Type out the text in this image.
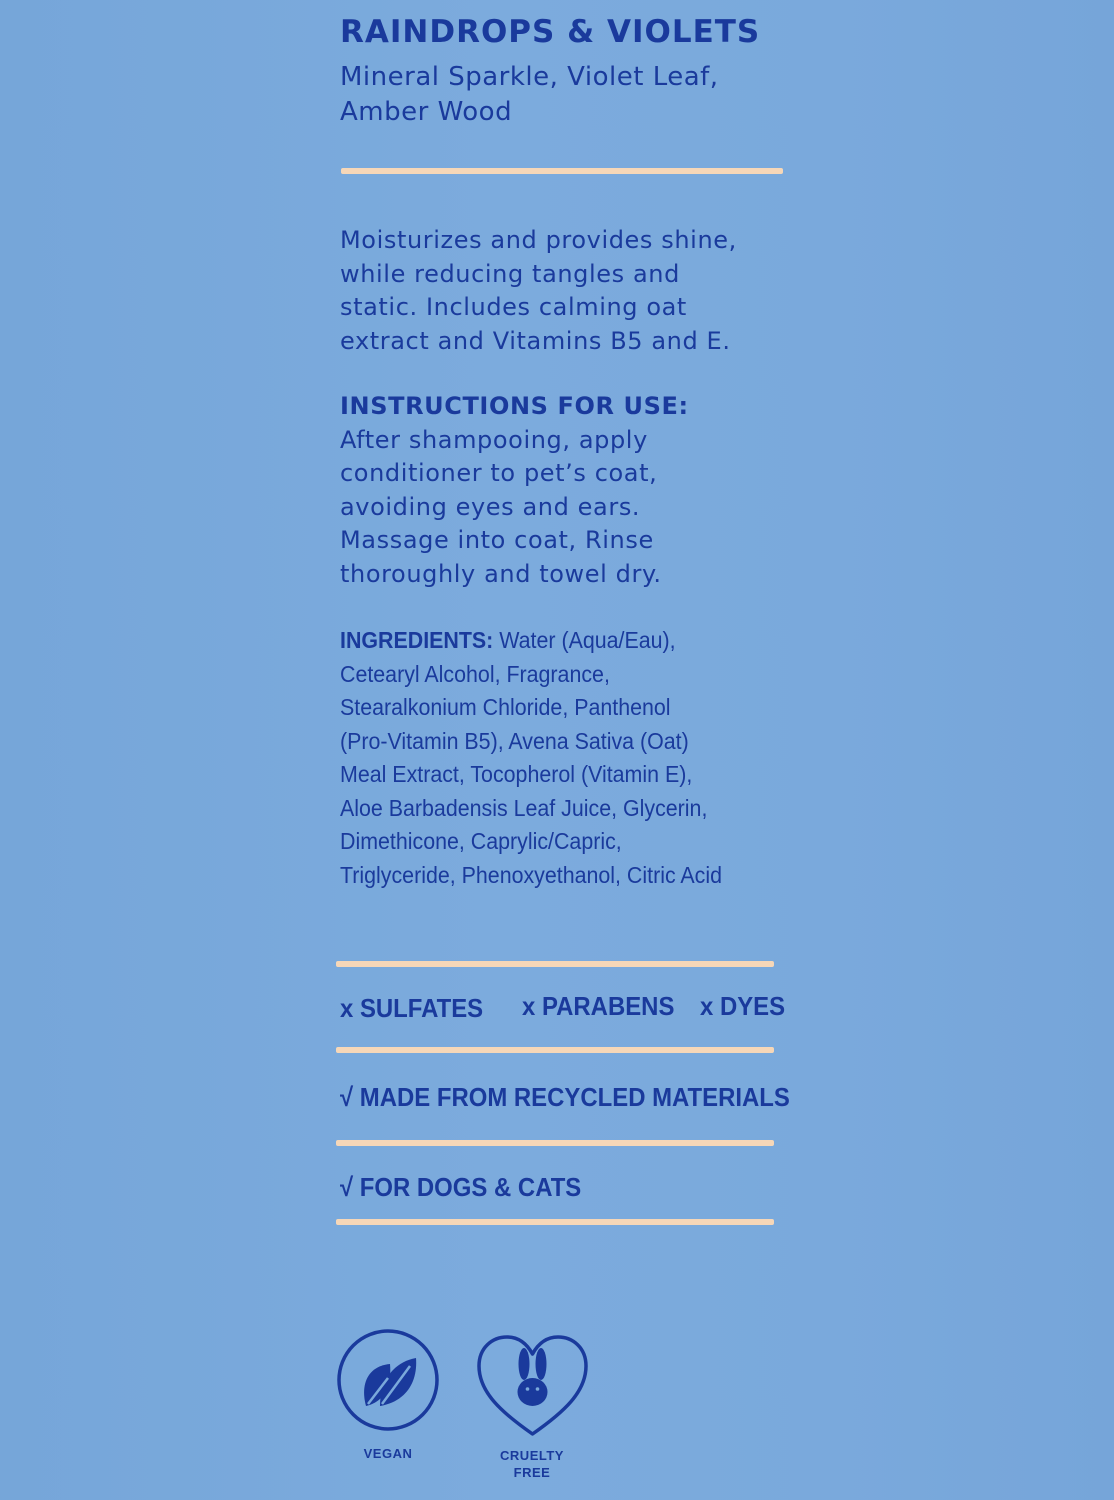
RAINDROPS & VIOLETS
Mineral Sparkle, Violet Leaf,
Amber Wood
Moisturizes and provides shine,
while reducing tangles and
static. Includes calming oat
extract and Vitamins B5 and E.
INSTRUCTIONS FOR USE:
After shampooing, apply
conditioner to pet’s coat,
avoiding eyes and ears.
Massage into coat, Rinse
thoroughly and towel dry.
INGREDIENTS: Water (Aqua/Eau),
Cetearyl Alcohol, Fragrance,
Stearalkonium Chloride, Panthenol
(Pro-Vitamin B5), Avena Sativa (Oat)
Meal Extract, Tocopherol (Vitamin E),
Aloe Barbadensis Leaf Juice, Glycerin,
Dimethicone, Caprylic/Capric,
Triglyceride, Phenoxyethanol, Citric Acid
x SULFATES x PARABENS x DYES
√ MADE FROM RECYCLED MATERIALS
√ FOR DOGS & CATS
VEGAN	CRUELTY
FREE
